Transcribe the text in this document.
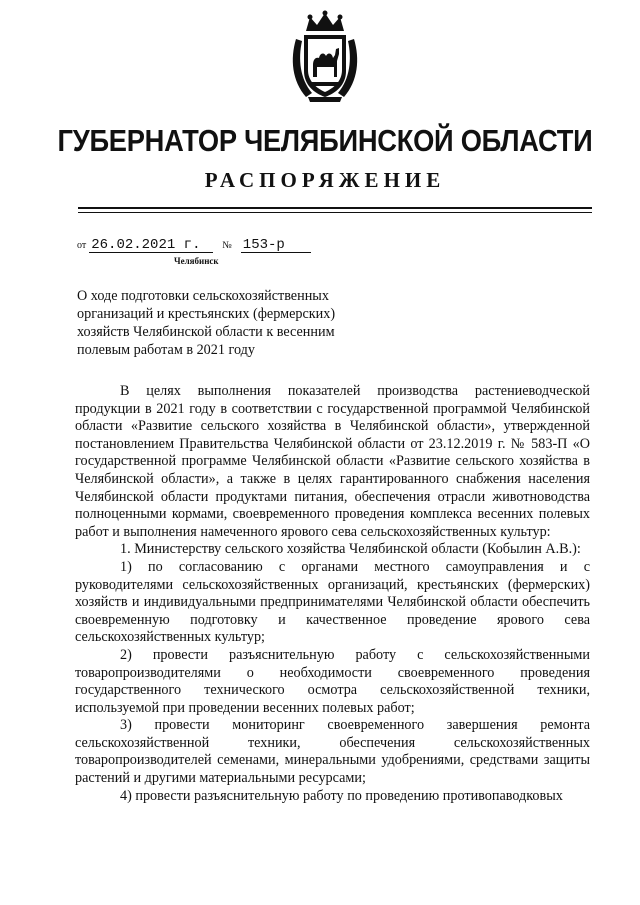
ГУБЕРНАТОР ЧЕЛЯБИНСКОЙ ОБЛАСТИ
РАСПОРЯЖЕНИЕ
от 26.02.2021 г. № 153-р
Челябинск
О ходе подготовки сельскохозяйственных организаций и крестьянских (фермерских) хозяйств Челябинской области к весенним полевым работам в 2021 году

В целях выполнения показателей производства растениеводческой продукции в 2021 году в соответствии с государственной программой Челябинской области «Развитие сельского хозяйства в Челябинской области», утвержденной постановлением Правительства Челябинской области от 23.12.2019 г. № 583-П «О государственной программе Челябинской области «Развитие сельского хозяйства в Челябинской области», а также в целях гарантированного снабжения населения Челябинской области продуктами питания, обеспечения отрасли животноводства полноценными кормами, своевременного проведения комплекса весенних полевых работ и выполнения намеченного ярового сева сельскохозяйственных культур:

1. Министерству сельского хозяйства Челябинской области (Кобылин А.В.):

1) по согласованию с органами местного самоуправления и с руководителями сельскохозяйственных организаций, крестьянских (фермерских) хозяйств и индивидуальными предпринимателями Челябинской области обеспечить своевременную подготовку и качественное проведение ярового сева сельскохозяйственных культур;

2) провести разъяснительную работу с сельскохозяйственными товаропроизводителями о необходимости своевременного проведения государственного технического осмотра сельскохозяйственной техники, используемой при проведении весенних полевых работ;

3) провести мониторинг своевременного завершения ремонта сельскохозяйственной техники, обеспечения сельскохозяйственных товаропроизводителей семенами, минеральными удобрениями, средствами защиты растений и другими материальными ресурсами;

4) провести разъяснительную работу по проведению противопаводковых
